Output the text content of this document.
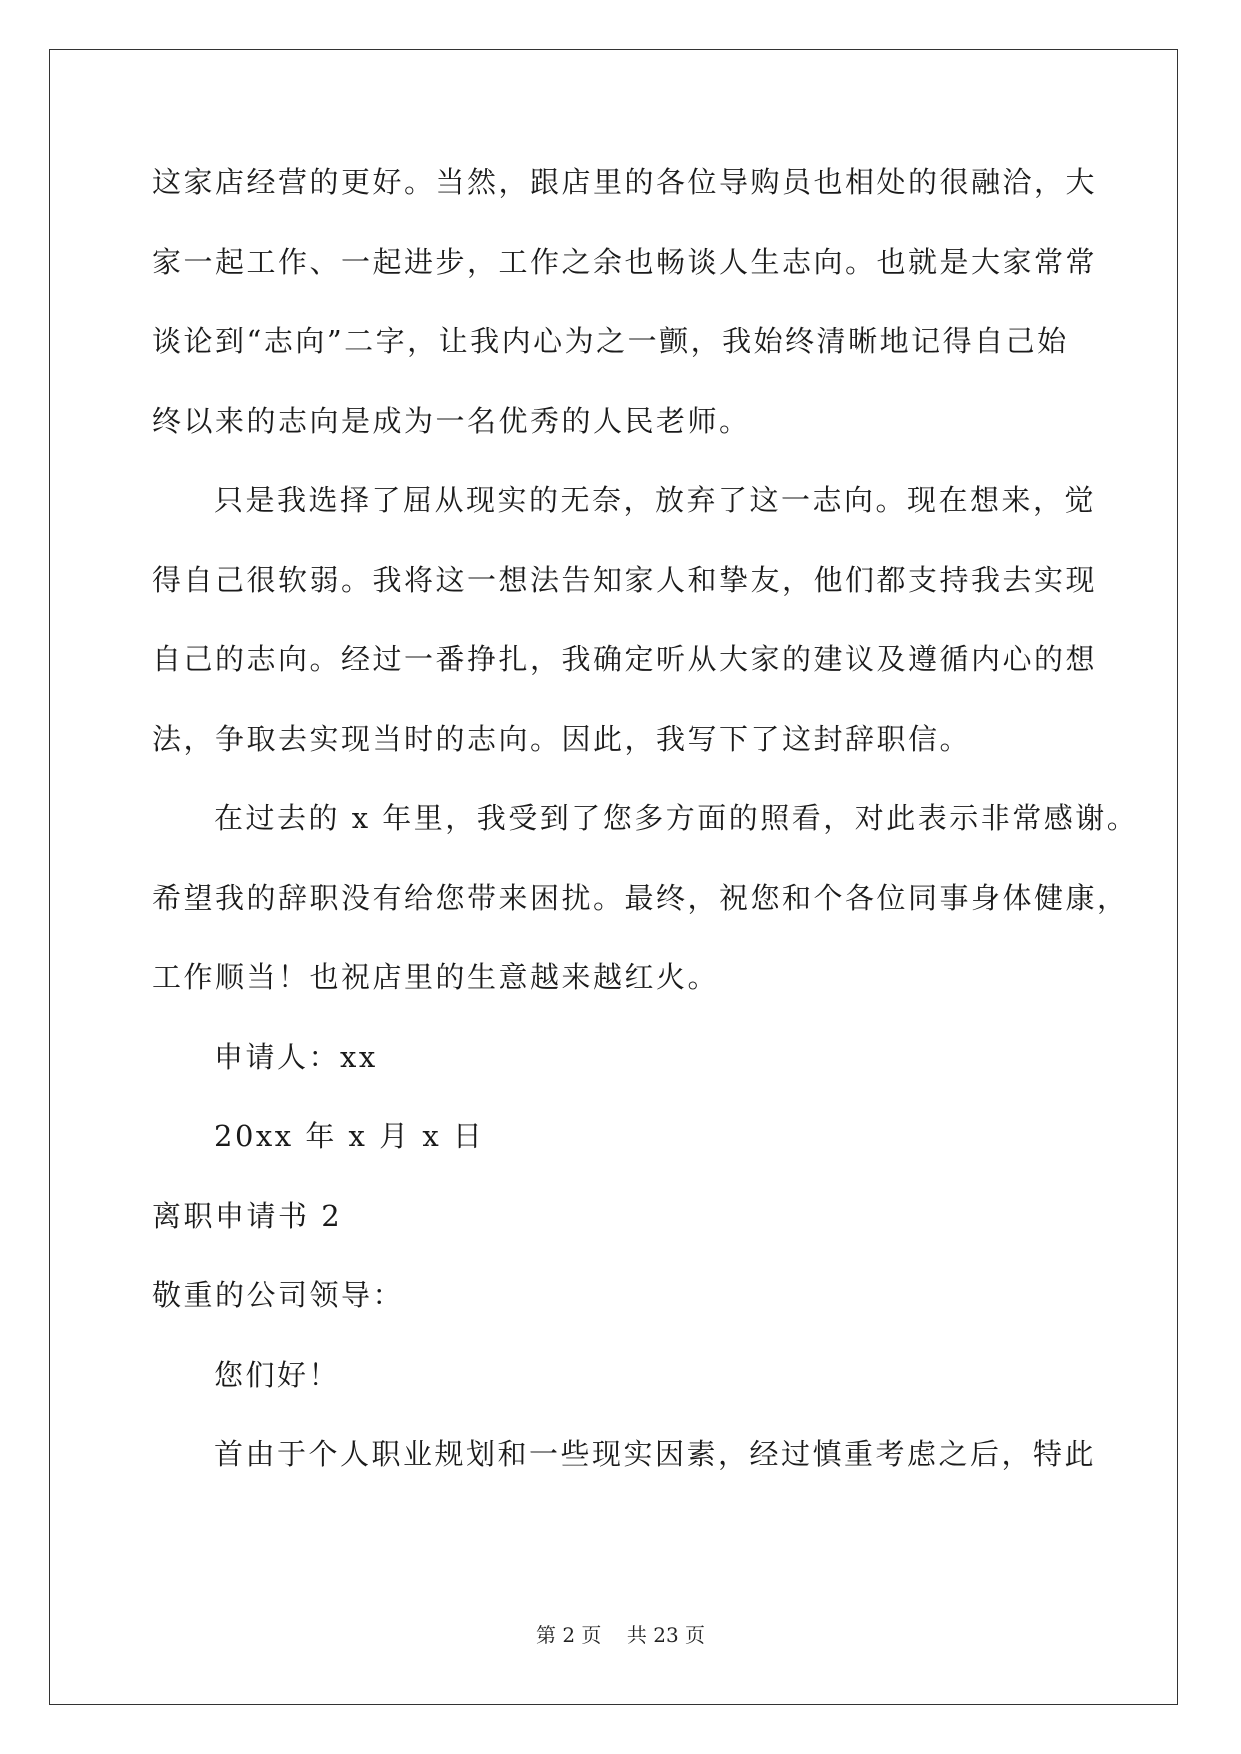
这家店经营的更好。当然，跟店里的各位导购员也相处的很融洽，大
家一起工作、一起进步，工作之余也畅谈人生志向。也就是大家常常
谈论到“志向”二字，让我内心为之一颤，我始终清晰地记得自己始
终以来的志向是成为一名优秀的人民老师。
只是我选择了屈从现实的无奈，放弃了这一志向。现在想来，觉
得自己很软弱。我将这一想法告知家人和挚友，他们都支持我去实现
自己的志向。经过一番挣扎，我确定听从大家的建议及遵循内心的想
法，争取去实现当时的志向。因此，我写下了这封辞职信。
在过去的 x 年里，我受到了您多方面的照看，对此表示非常感谢。
希望我的辞职没有给您带来困扰。最终，祝您和个各位同事身体健康，
工作顺当！也祝店里的生意越来越红火。
申请人：xx
20xx 年 x 月 x 日
离职申请书 2
敬重的公司领导：
您们好！
首由于个人职业规划和一些现实因素，经过慎重考虑之后，特此
第 2 页 共 23 页
